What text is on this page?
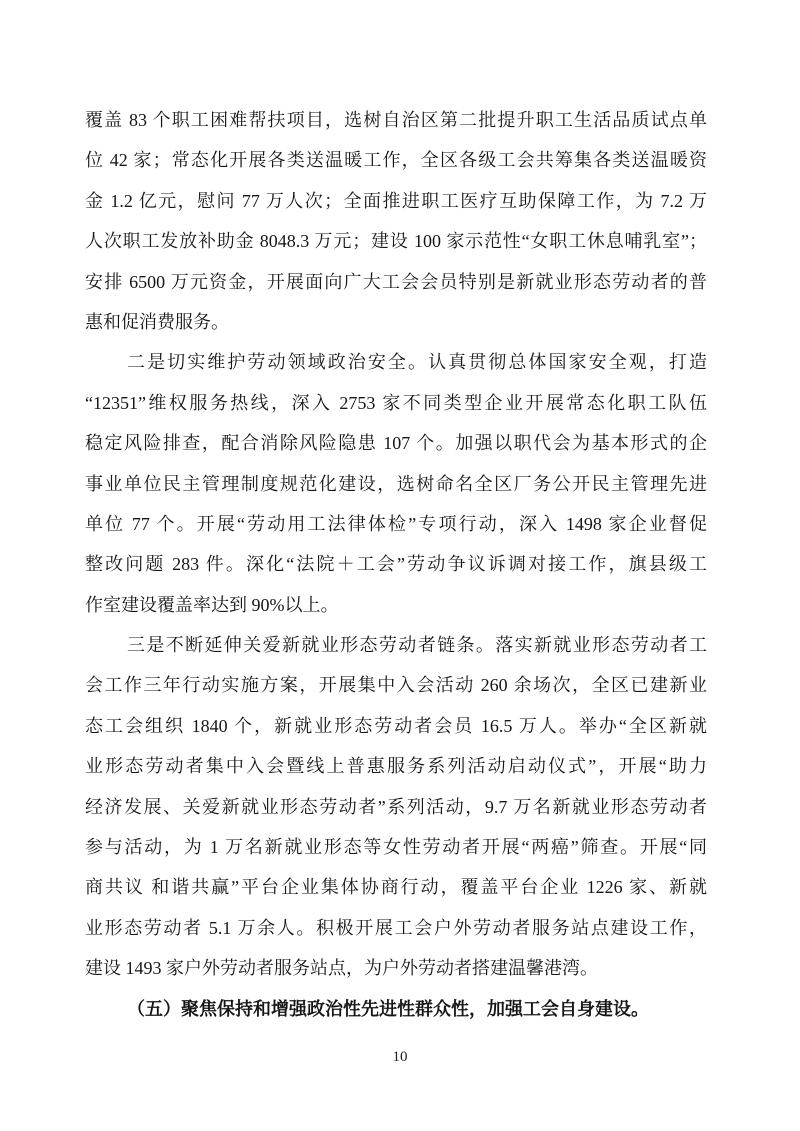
覆盖 83 个职工困难帮扶项目，选树自治区第二批提升职工生活品质试点单
位 42 家；常态化开展各类送温暖工作，全区各级工会共筹集各类送温暖资
金 1.2 亿元，慰问 77 万人次；全面推进职工医疗互助保障工作，为 7.2 万
人次职工发放补助金 8048.3 万元；建设 100 家示范性“女职工休息哺乳室”；
安排 6500 万元资金，开展面向广大工会会员特别是新就业形态劳动者的普
惠和促消费服务。
二是切实维护劳动领域政治安全。认真贯彻总体国家安全观，打造
“12351”维权服务热线，深入 2753 家不同类型企业开展常态化职工队伍
稳定风险排查，配合消除风险隐患 107 个。加强以职代会为基本形式的企
事业单位民主管理制度规范化建设，选树命名全区厂务公开民主管理先进
单位 77 个。开展“劳动用工法律体检”专项行动，深入 1498 家企业督促
整改问题 283 件。深化“法院＋工会”劳动争议诉调对接工作，旗县级工
作室建设覆盖率达到 90%以上。
三是不断延伸关爱新就业形态劳动者链条。落实新就业形态劳动者工
会工作三年行动实施方案，开展集中入会活动 260 余场次，全区已建新业
态工会组织 1840 个，新就业形态劳动者会员 16.5 万人。举办“全区新就
业形态劳动者集中入会暨线上普惠服务系列活动启动仪式”，开展“助力
经济发展、关爱新就业形态劳动者”系列活动，9.7 万名新就业形态劳动者
参与活动，为 1 万名新就业形态等女性劳动者开展“两癌”筛查。开展“同
商共议 和谐共赢”平台企业集体协商行动，覆盖平台企业 1226 家、新就
业形态劳动者 5.1 万余人。积极开展工会户外劳动者服务站点建设工作，
建设 1493 家户外劳动者服务站点，为户外劳动者搭建温馨港湾。
（五）聚焦保持和增强政治性先进性群众性，加强工会自身建设。
10
